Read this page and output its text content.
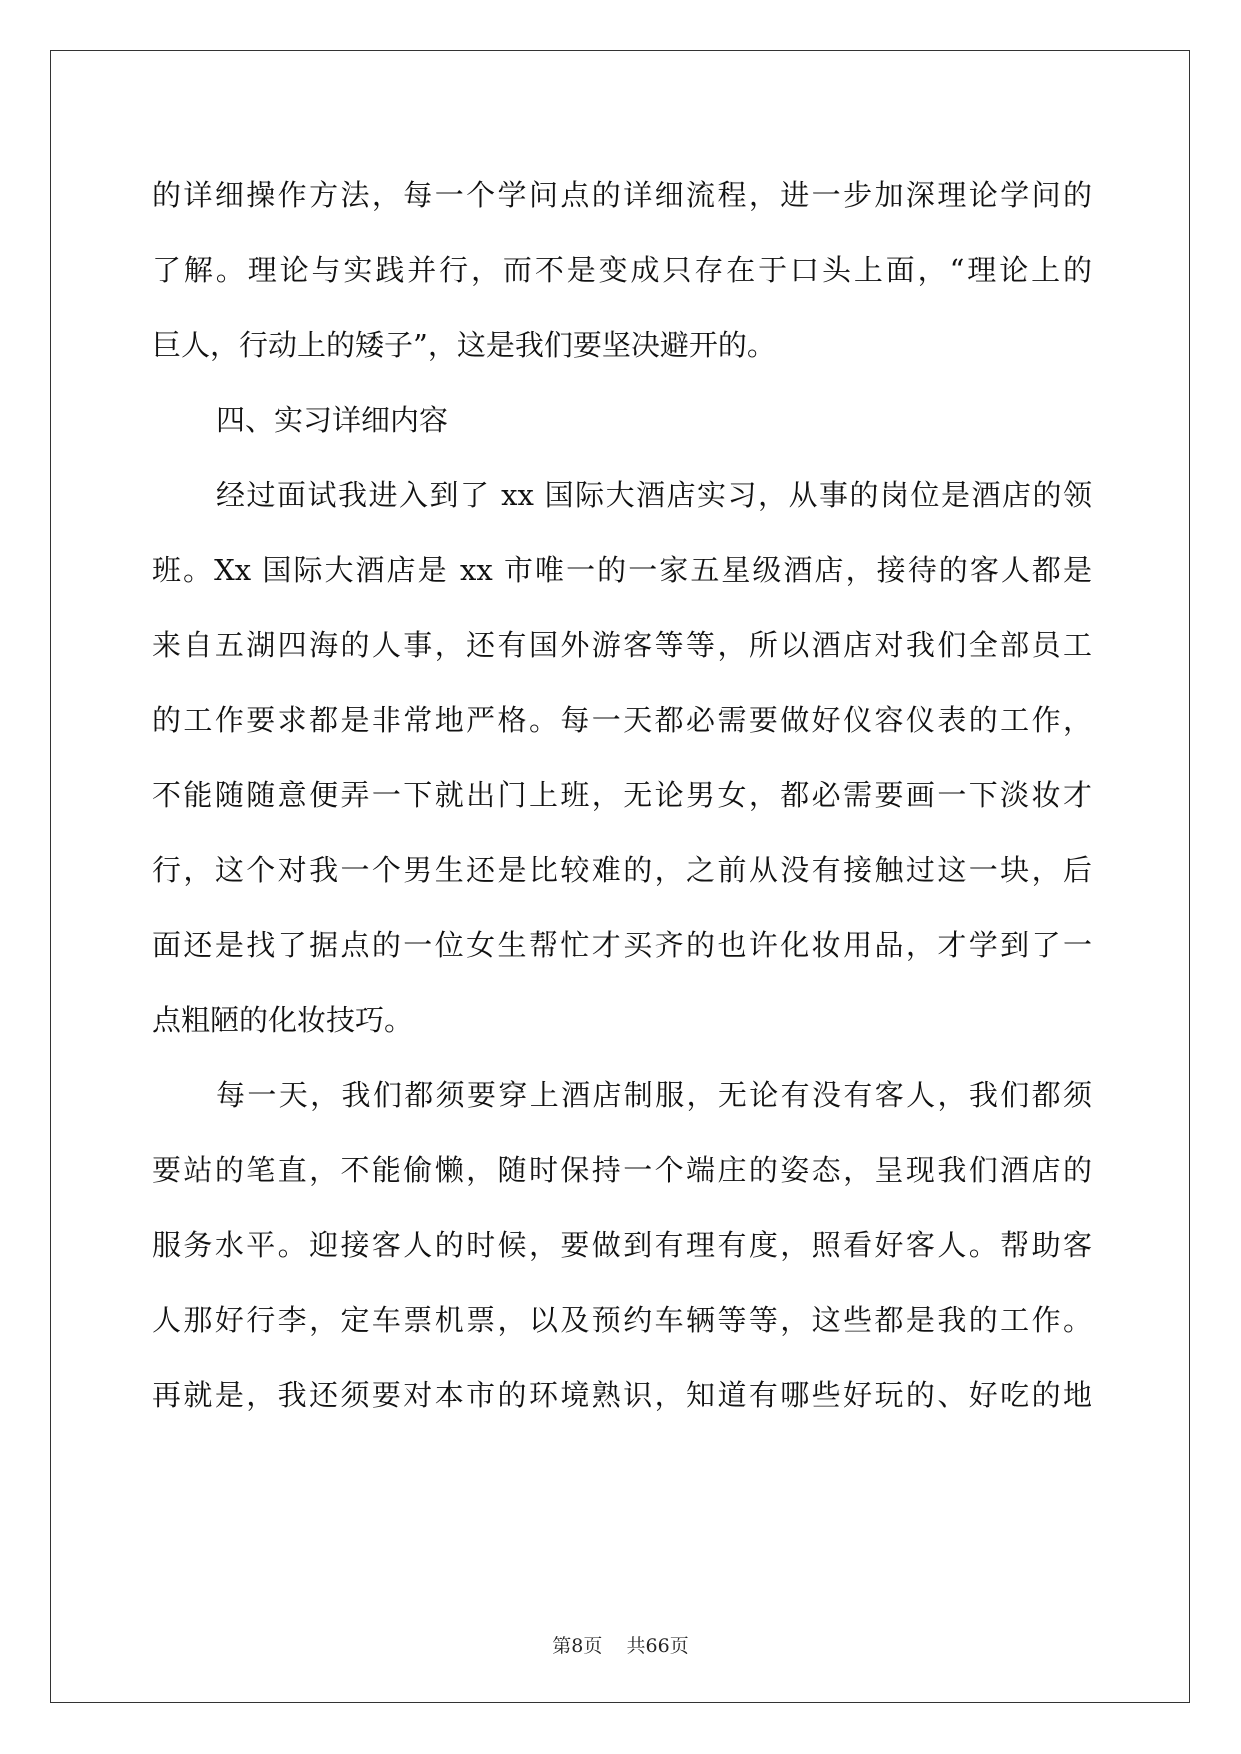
的详细操作方法，每一个学问点的详细流程，进一步加深理论学问的
了解。理论与实践并行，而不是变成只存在于口头上面，“理论上的
巨人，行动上的矮子”，这是我们要坚决避开的。
四、实习详细内容
经过面试我进入到了 xx 国际大酒店实习，从事的岗位是酒店的领
班。Xx 国际大酒店是 xx 市唯一的一家五星级酒店，接待的客人都是
来自五湖四海的人事，还有国外游客等等，所以酒店对我们全部员工
的工作要求都是非常地严格。每一天都必需要做好仪容仪表的工作，
不能随随意便弄一下就出门上班，无论男女，都必需要画一下淡妆才
行，这个对我一个男生还是比较难的，之前从没有接触过这一块，后
面还是找了据点的一位女生帮忙才买齐的也许化妆用品，才学到了一
点粗陋的化妆技巧。
每一天，我们都须要穿上酒店制服，无论有没有客人，我们都须
要站的笔直，不能偷懒，随时保持一个端庄的姿态，呈现我们酒店的
服务水平。迎接客人的时候，要做到有理有度，照看好客人。帮助客
人那好行李，定车票机票，以及预约车辆等等，这些都是我的工作。
再就是，我还须要对本市的环境熟识，知道有哪些好玩的、好吃的地
第8页 共66页
